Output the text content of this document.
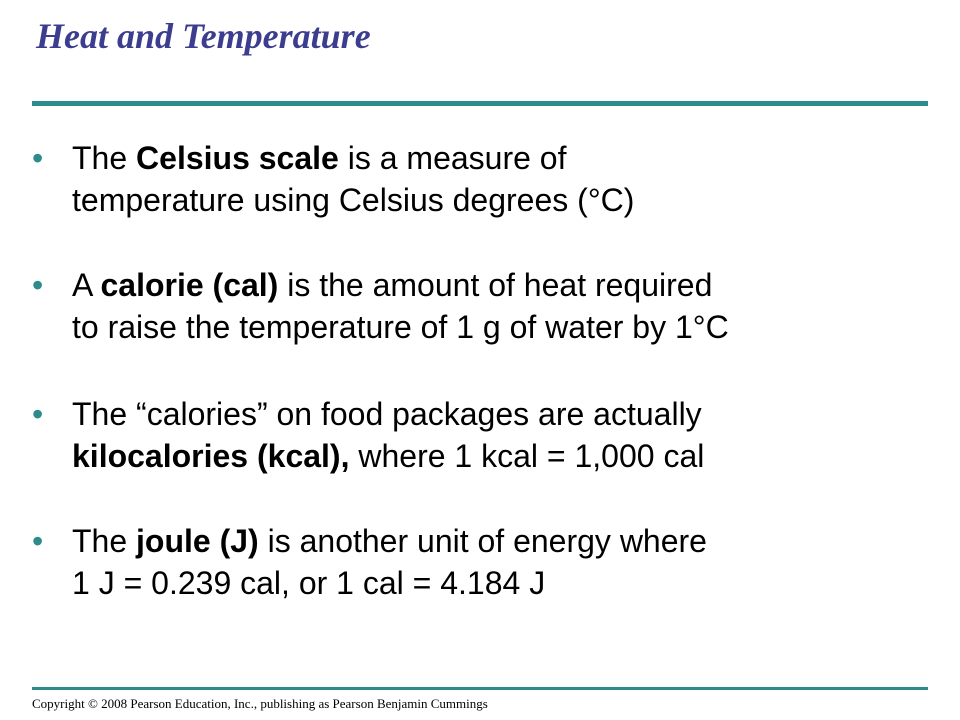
Heat and Temperature
• The Celsius scale is a measure of
temperature using Celsius degrees (°C)
• A calorie (cal) is the amount of heat required
to raise the temperature of 1 g of water by 1°C
• The “calories” on food packages are actually
kilocalories (kcal), where 1 kcal = 1,000 cal
• The joule (J) is another unit of energy where
1 J = 0.239 cal, or 1 cal = 4.184 J
Copyright © 2008 Pearson Education, Inc., publishing as Pearson Benjamin Cummings
